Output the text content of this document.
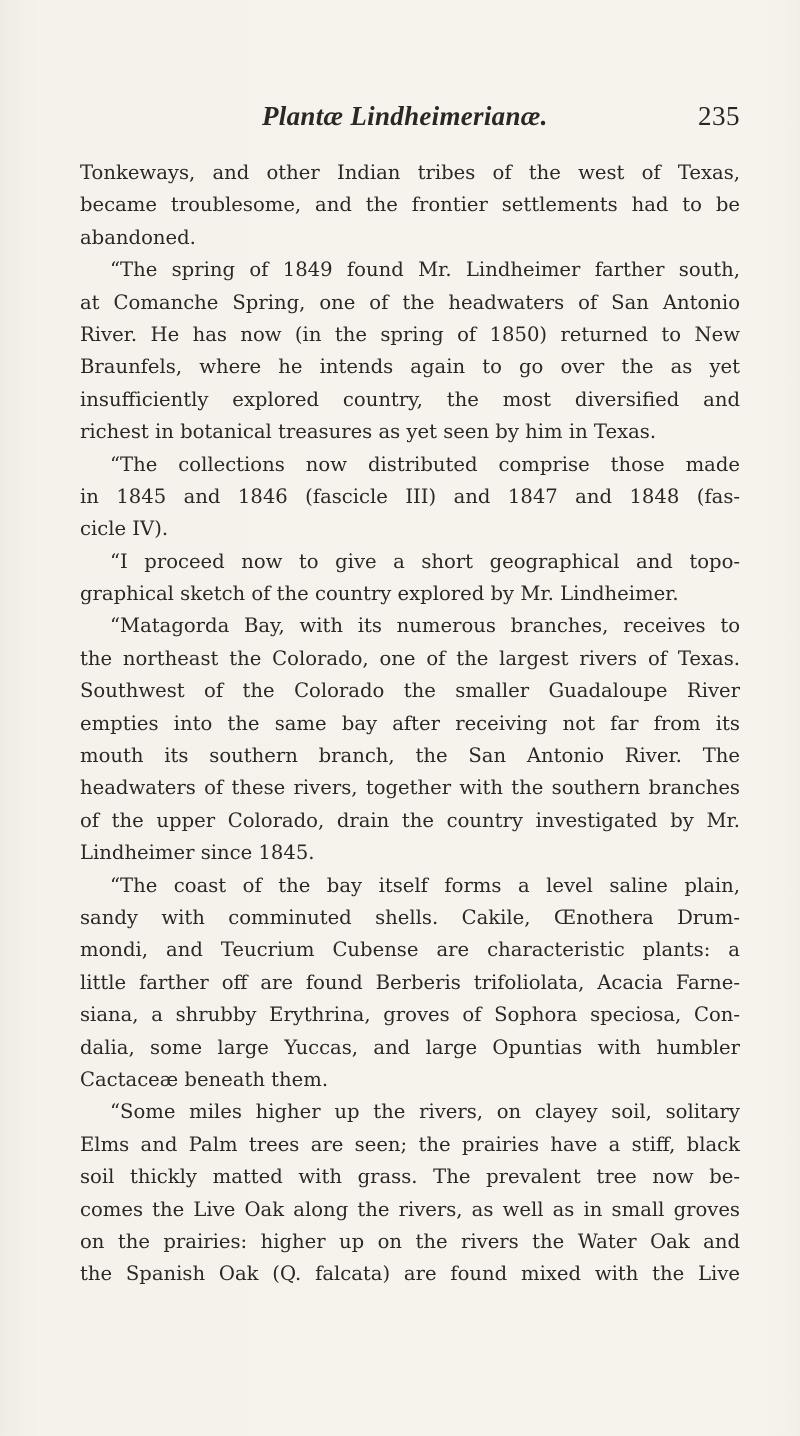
Plantæ Lindheimerianæ.	235
Tonkeways, and other Indian tribes of the west of Texas,
became troublesome, and the frontier settlements had to be
abandoned.
“The spring of 1849 found Mr. Lindheimer farther south,
at Comanche Spring, one of the headwaters of San Antonio
River. He has now (in the spring of 1850) returned to New
Braunfels, where he intends again to go over the as yet
insufficiently explored country, the most diversified and
richest in botanical treasures as yet seen by him in Texas.
“The collections now distributed comprise those made
in 1845 and 1846 (fascicle III) and 1847 and 1848 (fas-
cicle IV).
“I proceed now to give a short geographical and topo-
graphical sketch of the country explored by Mr. Lindheimer.
“Matagorda Bay, with its numerous branches, receives to
the northeast the Colorado, one of the largest rivers of Texas.
Southwest of the Colorado the smaller Guadaloupe River
empties into the same bay after receiving not far from its
mouth its southern branch, the San Antonio River. The
headwaters of these rivers, together with the southern branches
of the upper Colorado, drain the country investigated by Mr.
Lindheimer since 1845.
“The coast of the bay itself forms a level saline plain,
sandy with comminuted shells. Cakile, Œnothera Drum-
mondi, and Teucrium Cubense are characteristic plants: a
little farther off are found Berberis trifoliolata, Acacia Farne-
siana, a shrubby Erythrina, groves of Sophora speciosa, Con-
dalia, some large Yuccas, and large Opuntias with humbler
Cactaceæ beneath them.
“Some miles higher up the rivers, on clayey soil, solitary
Elms and Palm trees are seen; the prairies have a stiff, black
soil thickly matted with grass. The prevalent tree now be-
comes the Live Oak along the rivers, as well as in small groves
on the prairies: higher up on the rivers the Water Oak and
the Spanish Oak (Q. falcata) are found mixed with the Live
